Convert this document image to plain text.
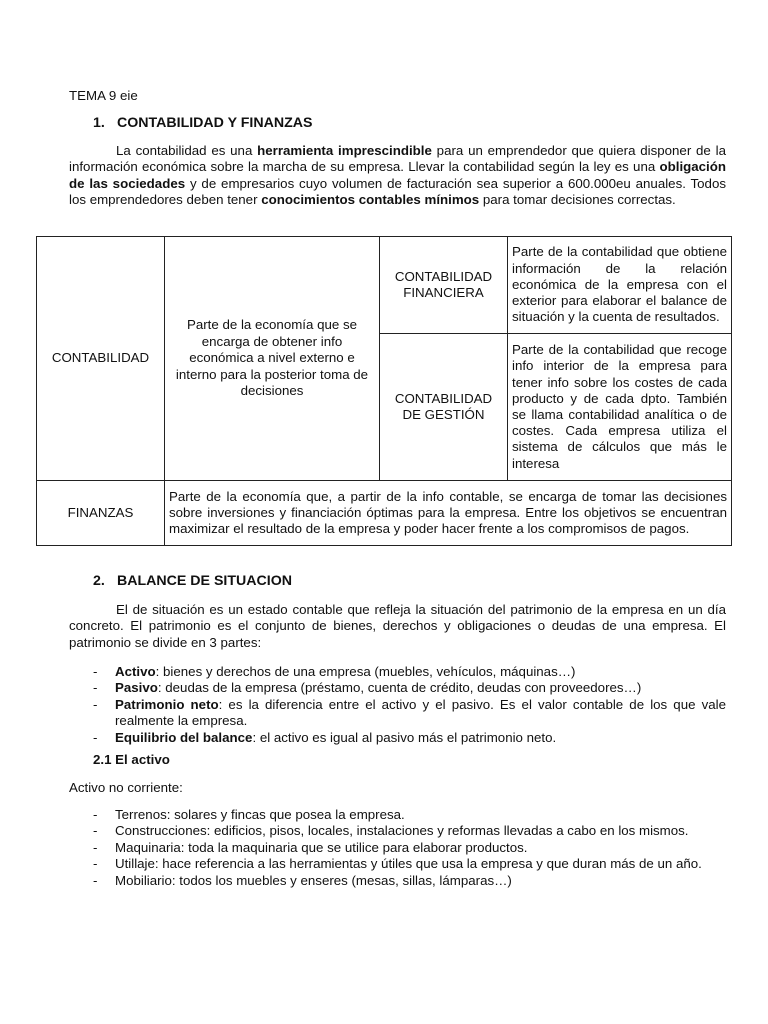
TEMA 9 eie
1. CONTABILIDAD Y FINANZAS
La contabilidad es una herramienta imprescindible para un emprendedor que quiera disponer de la información económica sobre la marcha de su empresa. Llevar la contabilidad según la ley es una obligación de las sociedades y de empresarios cuyo volumen de facturación sea superior a 600.000eu anuales. Todos los emprendedores deben tener conocimientos contables mínimos para tomar decisiones correctas.
CONTABILIDAD	Parte de la economía que se encarga de obtener info económica a nivel externo e interno para la posterior toma de decisiones	CONTABILIDAD FINANCIERA	Parte de la contabilidad que obtiene información de la relación económica de la empresa con el exterior para elaborar el balance de situación y la cuenta de resultados.
		CONTABILIDAD DE GESTIÓN	Parte de la contabilidad que recoge info interior de la empresa para tener info sobre los costes de cada producto y de cada dpto. También se llama contabilidad analítica o de costes. Cada empresa utiliza el sistema de cálculos que más le interesa
FINANZAS	Parte de la economía que, a partir de la info contable, se encarga de tomar las decisiones sobre inversiones y financiación óptimas para la empresa. Entre los objetivos se encuentran maximizar el resultado de la empresa y poder hacer frente a los compromisos de pagos.		
2. BALANCE DE SITUACION
El de situación es un estado contable que refleja la situación del patrimonio de la empresa en un día concreto. El patrimonio es el conjunto de bienes, derechos y obligaciones o deudas de una empresa. El patrimonio se divide en 3 partes:
- Activo: bienes y derechos de una empresa (muebles, vehículos, máquinas…)
- Pasivo: deudas de la empresa (préstamo, cuenta de crédito, deudas con proveedores…)
- Patrimonio neto: es la diferencia entre el activo y el pasivo. Es el valor contable de los que vale realmente la empresa.
- Equilibrio del balance: el activo es igual al pasivo más el patrimonio neto.
2.1 El activo
Activo no corriente:
- Terrenos: solares y fincas que posea la empresa.
- Construcciones: edificios, pisos, locales, instalaciones y reformas llevadas a cabo en los mismos.
- Maquinaria: toda la maquinaria que se utilice para elaborar productos.
- Utillaje: hace referencia a las herramientas y útiles que usa la empresa y que duran más de un año.
- Mobiliario: todos los muebles y enseres (mesas, sillas, lámparas…)
